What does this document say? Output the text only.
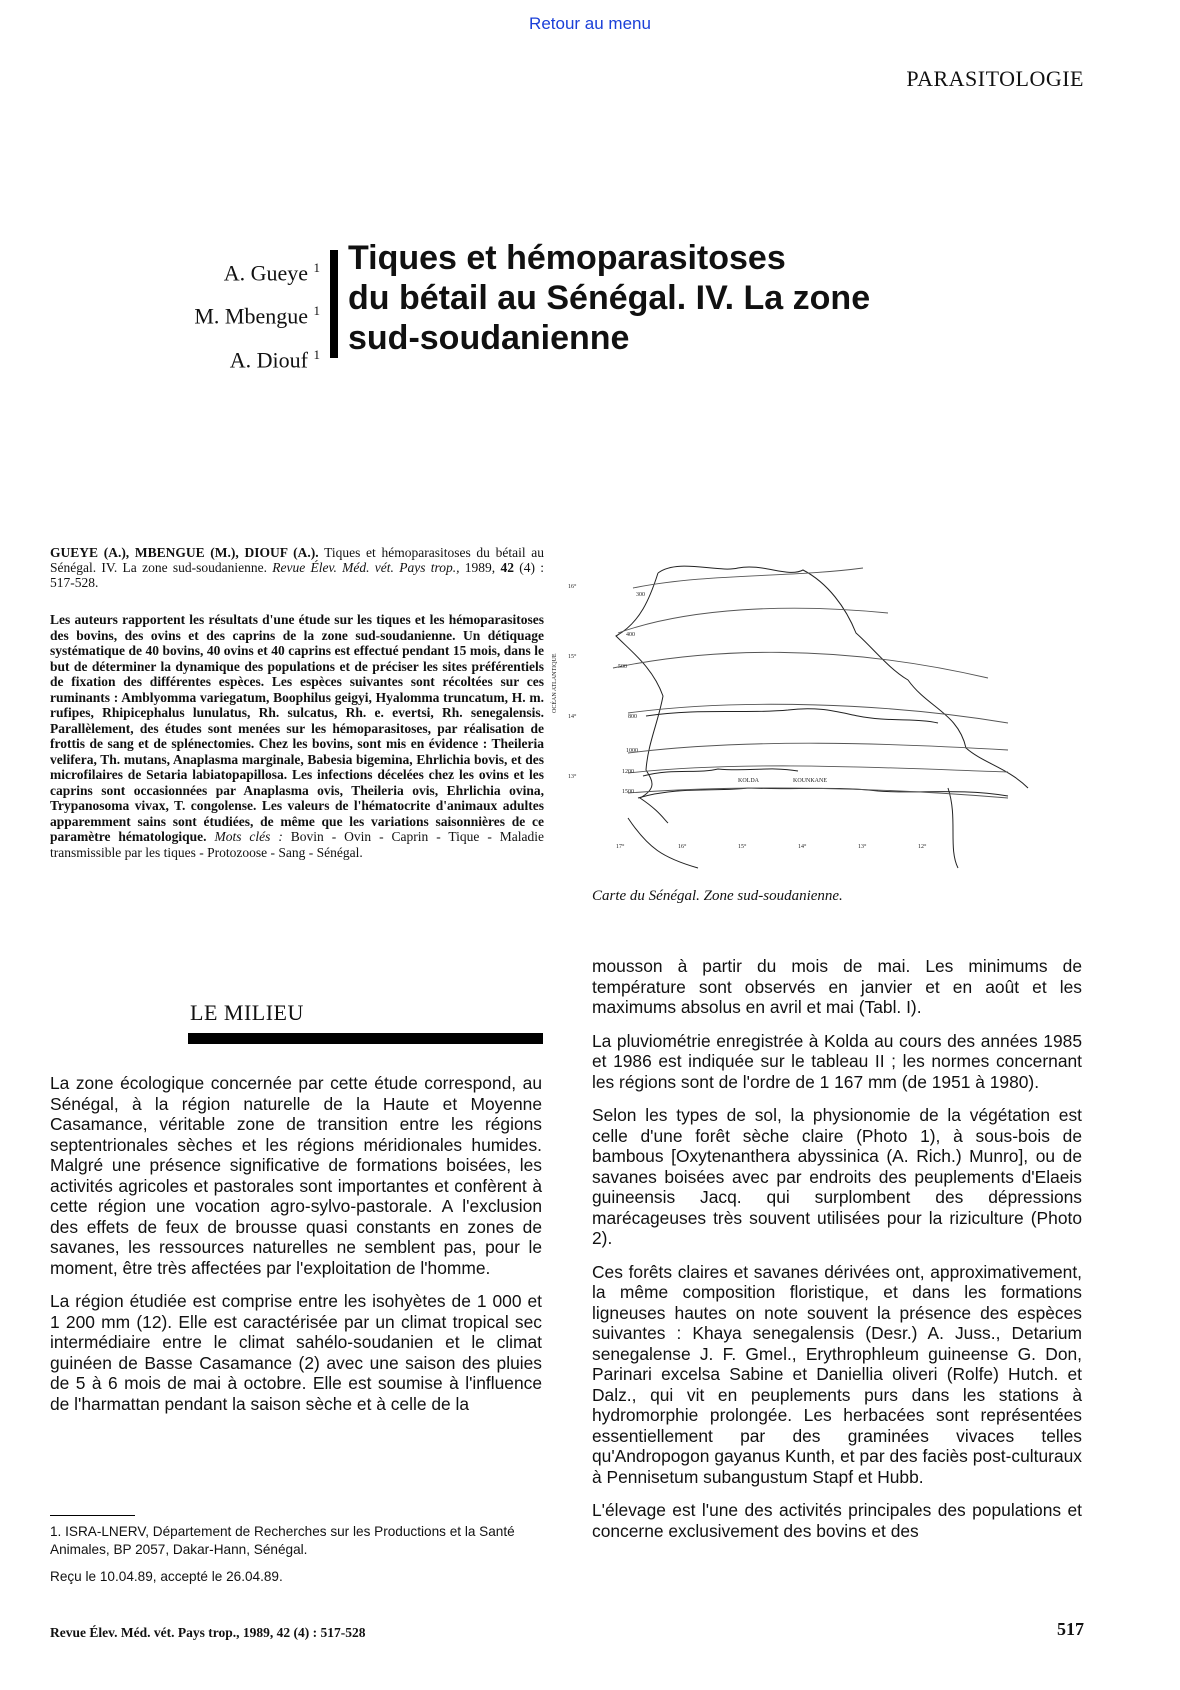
Retour au menu
PARASITOLOGIE
A. Gueye $^1$
M. Mbengue $^1$
A. Diouf $^1$
Tiques et hémoparasitoses
du bétail au Sénégal. IV. La zone
sud-soudanienne
GUEYE (A.), MBENGUE (M.), DIOUF (A.). Tiques et hémoparasitoses du bétail au Sénégal. IV. La zone sud-soudanienne. Revue Élev. Méd. vét. Pays trop., 1989, 42 (4) : 517-528.
Les auteurs rapportent les résultats d'une étude sur les tiques et les hémoparasitoses des bovins, des ovins et des caprins de la zone sud-soudanienne. Un détiquage systématique de 40 bovins, 40 ovins et 40 caprins est effectué pendant 15 mois, dans le but de déterminer la dynamique des populations et de préciser les sites préférentiels de fixation des différentes espèces. Les espèces suivantes sont récoltées sur ces ruminants : Amblyomma variegatum, Boophilus geigyi, Hyalomma truncatum, H. m. rufipes, Rhipicephalus lunulatus, Rh. sulcatus, Rh. e. evertsi, Rh. senegalensis. Parallèlement, des études sont menées sur les hémoparasitoses, par réalisation de frottis de sang et de splénectomies. Chez les bovins, sont mis en évidence : Theileria velifera, Th. mutans, Anaplasma marginale, Babesia bigemina, Ehrlichia bovis, et des microfilaires de Setaria labiatopapillosa. Les infections décelées chez les ovins et les caprins sont occasionnées par Anaplasma ovis, Theileria ovis, Ehrlichia ovina, Trypanosoma vivax, T. congolense. Les valeurs de l'hématocrite d'animaux adultes apparemment sains sont étudiées, de même que les variations saisonnières de ce paramètre hématologique. Mots clés : Bovin - Ovin - Caprin - Tique - Maladie transmissible par les tiques - Protozoose - Sang - Sénégal.
300
400
500
800
1000
1200
1500
16°
15°
14°
13°
17°	16°	15°	14°	13°	12°
KOLDA	KOUNKANE
OCÉAN ATLANTIQUE
Carte du Sénégal. Zone sud-soudanienne.
LE MILIEU

La zone écologique concernée par cette étude correspond, au Sénégal, à la région naturelle de la Haute et Moyenne Casamance, véritable zone de transition entre les régions septentrionales sèches et les régions méridionales humides. Malgré une présence significative de formations boisées, les activités agricoles et pastorales sont importantes et confèrent à cette région une vocation agro-sylvo-pastorale. A l'exclusion des effets de feux de brousse quasi constants en zones de savanes, les ressources naturelles ne semblent pas, pour le moment, être très affectées par l'exploitation de l'homme.

La région étudiée est comprise entre les isohyètes de 1 000 et 1 200 mm (12). Elle est caractérisée par un climat tropical sec intermédiaire entre le climat sahélo-soudanien et le climat guinéen de Basse Casamance (2) avec une saison des pluies de 5 à 6 mois de mai à octobre. Elle est soumise à l'influence de l'harmattan pendant la saison sèche et à celle de la

mousson à partir du mois de mai. Les minimums de température sont observés en janvier et en août et les maximums absolus en avril et mai (Tabl. I).

La pluviométrie enregistrée à Kolda au cours des années 1985 et 1986 est indiquée sur le tableau II ; les normes concernant les régions sont de l'ordre de 1 167 mm (de 1951 à 1980).

Selon les types de sol, la physionomie de la végétation est celle d'une forêt sèche claire (Photo 1), à sous-bois de bambous [Oxytenanthera abyssinica (A. Rich.) Munro], ou de savanes boisées avec par endroits des peuplements d'Elaeis guineensis Jacq. qui surplombent des dépressions marécageuses très souvent utilisées pour la riziculture (Photo 2).

Ces forêts claires et savanes dérivées ont, approximativement, la même composition floristique, et dans les formations ligneuses hautes on note souvent la présence des espèces suivantes : Khaya senegalensis (Desr.) A. Juss., Detarium senegalense J. F. Gmel., Erythrophleum guineense G. Don, Parinari excelsa Sabine et Daniellia oliveri (Rolfe) Hutch. et Dalz., qui vit en peuplements purs dans les stations à hydromorphie prolongée. Les herbacées sont représentées essentiellement par des graminées vivaces telles qu'Andropogon gayanus Kunth, et par des faciès post-culturaux à Pennisetum subangustum Stapf et Hubb.

L'élevage est l'une des activités principales des populations et concerne exclusivement des bovins et des

1. ISRA-LNERV, Département de Recherches sur les Productions et la Santé Animales, BP 2057, Dakar-Hann, Sénégal.

Reçu le 10.04.89, accepté le 26.04.89.

Revue Élev. Méd. vét. Pays trop., 1989, 42 (4) : 517-528	517
